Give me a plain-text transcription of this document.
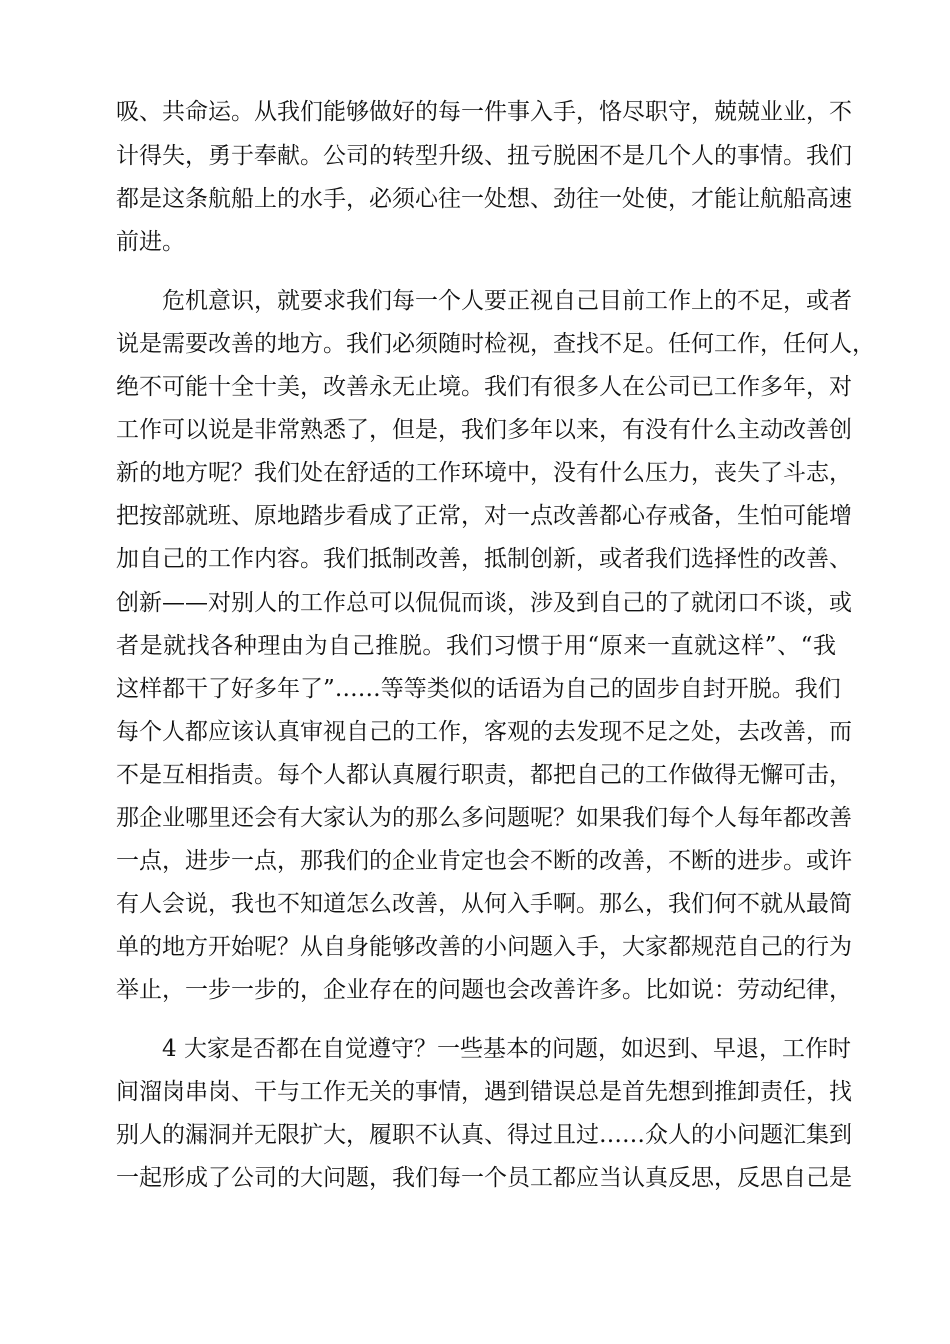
吸、共命运。从我们能够做好的每一件事入手，恪尽职守，兢兢业业，不
计得失，勇于奉献。公司的转型升级、扭亏脱困不是几个人的事情。我们
都是这条航船上的水手，必须心往一处想、劲往一处使，才能让航船高速
前进。
危机意识，就要求我们每一个人要正视自己目前工作上的不足，或者
说是需要改善的地方。我们必须随时检视，查找不足。任何工作，任何人，
绝不可能十全十美，改善永无止境。我们有很多人在公司已工作多年，对
工作可以说是非常熟悉了，但是，我们多年以来，有没有什么主动改善创
新的地方呢？我们处在舒适的工作环境中，没有什么压力，丧失了斗志，
把按部就班、原地踏步看成了正常，对一点改善都心存戒备，生怕可能增
加自己的工作内容。我们抵制改善，抵制创新，或者我们选择性的改善、
创新——对别人的工作总可以侃侃而谈，涉及到自己的了就闭口不谈，或
者是就找各种理由为自己推脱。我们习惯于用“原来一直就这样”、“我
这样都干了好多年了”……等等类似的话语为自己的固步自封开脱。我们
每个人都应该认真审视自己的工作，客观的去发现不足之处，去改善，而
不是互相指责。每个人都认真履行职责，都把自己的工作做得无懈可击，
那企业哪里还会有大家认为的那么多问题呢？如果我们每个人每年都改善
一点，进步一点，那我们的企业肯定也会不断的改善，不断的进步。或许
有人会说，我也不知道怎么改善，从何入手啊。那么，我们何不就从最简
单的地方开始呢？从自身能够改善的小问题入手，大家都规范自己的行为
举止，一步一步的，企业存在的问题也会改善许多。比如说：劳动纪律，
4 大家是否都在自觉遵守？一些基本的问题，如迟到、早退，工作时
间溜岗串岗、干与工作无关的事情，遇到错误总是首先想到推卸责任，找
别人的漏洞并无限扩大，履职不认真、得过且过……众人的小问题汇集到
一起形成了公司的大问题，我们每一个员工都应当认真反思，反思自己是
